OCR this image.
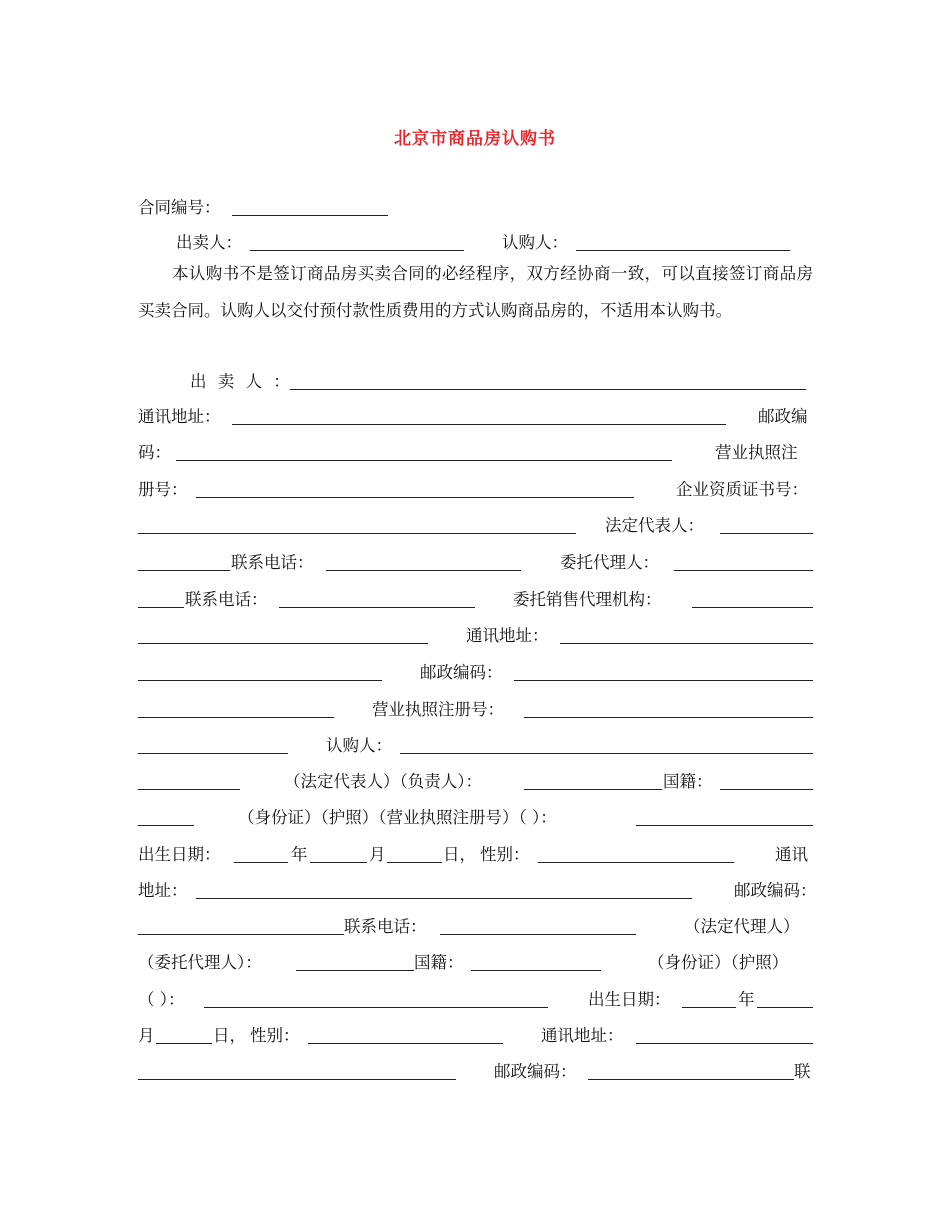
北京市商品房认购书
合同编号：
出卖人：	认购人：

本认购书不是签订商品房买卖合同的必经程序，双方经协商一致，可以直接签订商品房买卖合同。认购人以交付预付款性质费用的方式认购商品房的，不适用本认购书。

出 卖 人 ：
通讯地址：	邮政编
码：	营业执照注
册号：	企业资质证书号：
法定代表人：
联系电话：	委托代理人：
联系电话：	委托销售代理机构：
通讯地址：
邮政编码：
营业执照注册号：
认购人：
（法定代表人）（负责人）：	国籍：
（身份证）（护照）（营业执照注册号）（ ）：
出生日期：	年	月	日， 性别：	通讯
地址：	邮政编码：
联系电话：	（法定代理人）
（委托代理人）：	国籍：	（身份证）（护照）
（ ）：	出生日期：	年
月	日， 性别：	通讯地址：
邮政编码：	联
